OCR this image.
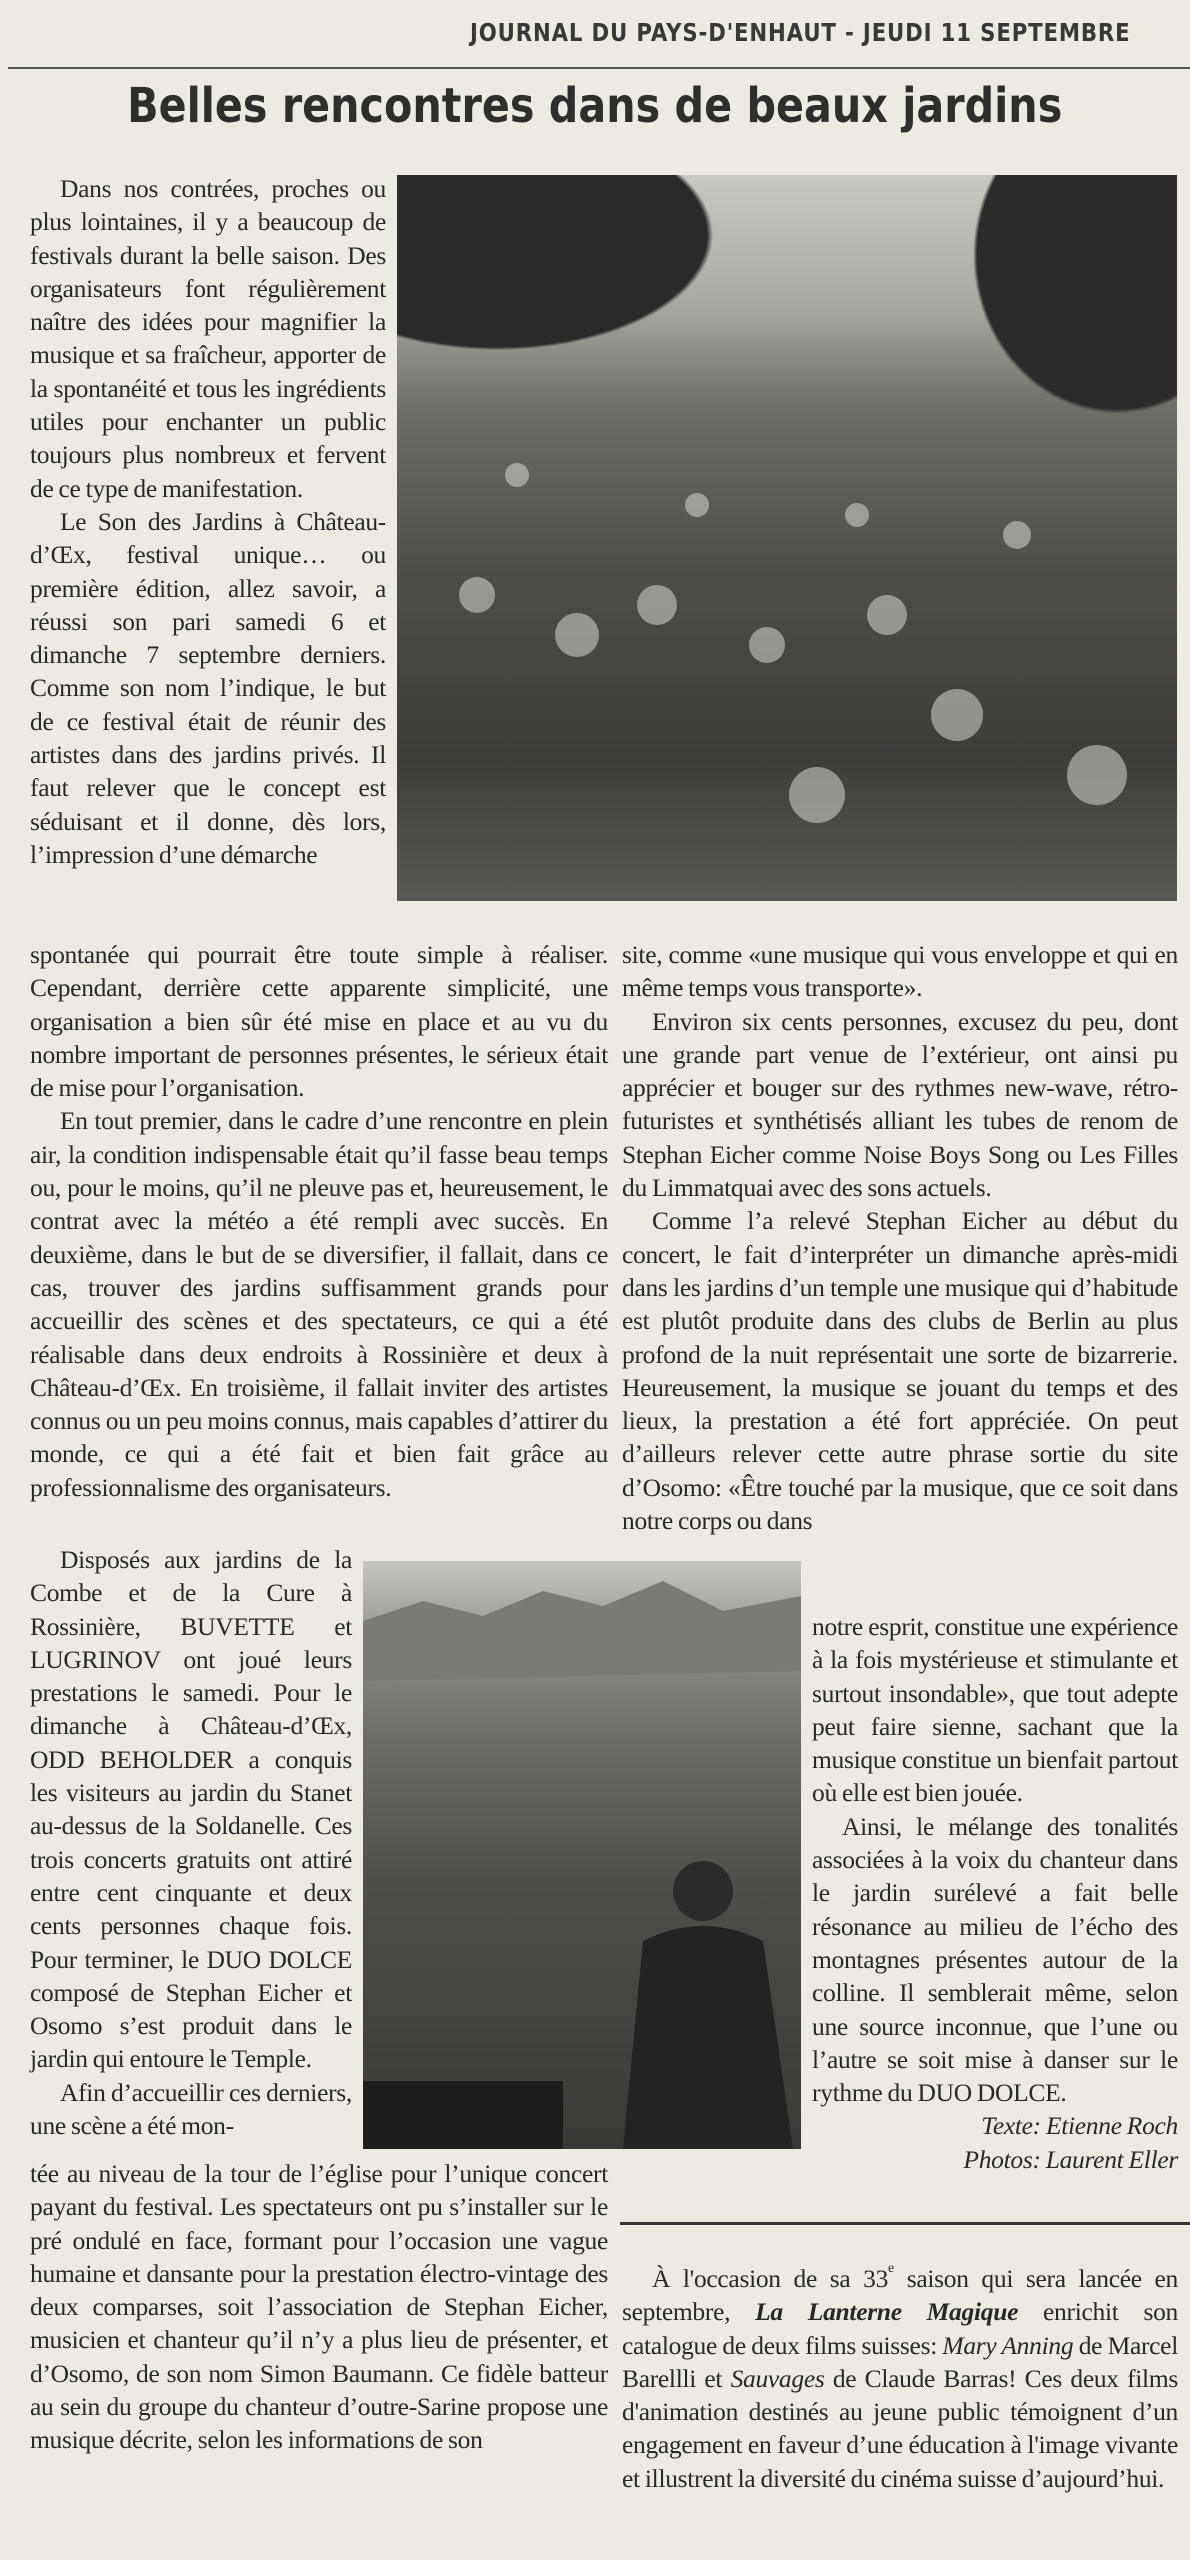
JOURNAL DU PAYS-D'ENHAUT - JEUDI 11 SEPTEMBRE
Belles rencontres dans de beaux jardins

Dans nos contrées, proches ou plus lointaines, il y a beaucoup de festivals durant la belle saison. Des organisateurs font régulièrement naître des idées pour magnifier la musique et sa fraîcheur, apporter de la spontanéité et tous les ingrédients utiles pour enchanter un public toujours plus nombreux et fervent de ce type de manifestation.

Le Son des Jardins à Château-d’Œx, festival unique… ou première édition, allez savoir, a réussi son pari samedi 6 et dimanche 7 septembre derniers. Comme son nom l’indique, le but de ce festival était de réunir des artistes dans des jardins privés. Il faut relever que le concept est séduisant et il donne, dès lors, l’impression d’une démarche

spontanée qui pourrait être toute simple à réaliser. Cependant, derrière cette apparente simplicité, une organisation a bien sûr été mise en place et au vu du nombre important de personnes présentes, le sérieux était de mise pour l’organisation.

En tout premier, dans le cadre d’une rencontre en plein air, la condition indispensable était qu’il fasse beau temps ou, pour le moins, qu’il ne pleuve pas et, heureusement, le contrat avec la météo a été rempli avec succès. En deuxième, dans le but de se diversifier, il fallait, dans ce cas, trouver des jardins suffisamment grands pour accueillir des scènes et des spectateurs, ce qui a été réalisable dans deux endroits à Rossinière et deux à Château-d’Œx. En troisième, il fallait inviter des artistes connus ou un peu moins connus, mais capables d’attirer du monde, ce qui a été fait et bien fait grâce au professionnalisme des organisateurs.

site, comme «une musique qui vous enveloppe et qui en même temps vous transporte».

Environ six cents personnes, excusez du peu, dont une grande part venue de l’extérieur, ont ainsi pu apprécier et bouger sur des rythmes new-wave, rétro-futuristes et synthétisés alliant les tubes de renom de Stephan Eicher comme Noise Boys Song ou Les Filles du Limmatquai avec des sons actuels.

Comme l’a relevé Stephan Eicher au début du concert, le fait d’interpréter un dimanche après-midi dans les jardins d’un temple une musique qui d’habitude est plutôt produite dans des clubs de Berlin au plus profond de la nuit représentait une sorte de bizarrerie. Heureusement, la musique se jouant du temps et des lieux, la prestation a été fort appréciée. On peut d’ailleurs relever cette autre phrase sortie du site d’Osomo: «Être touché par la musique, que ce soit dans notre corps ou dans

Disposés aux jardins de la Combe et de la Cure à Rossinière, BUVETTE et LUGRINOV ont joué leurs prestations le samedi. Pour le dimanche à Château-d’Œx, ODD BEHOLDER a conquis les visiteurs au jardin du Stanet au-dessus de la Soldanelle. Ces trois concerts gratuits ont attiré entre cent cinquante et deux cents personnes chaque fois. Pour terminer, le DUO DOLCE composé de Stephan Eicher et Osomo s’est produit dans le jardin qui entoure le Temple.

Afin d’accueillir ces derniers, une scène a été mon-

notre esprit, constitue une expérience à la fois mystérieuse et stimulante et surtout insondable», que tout adepte peut faire sienne, sachant que la musique constitue un bienfait partout où elle est bien jouée.

Ainsi, le mélange des tonalités associées à la voix du chanteur dans le jardin surélevé a fait belle résonance au milieu de l’écho des montagnes présentes autour de la colline. Il semblerait même, selon une source inconnue, que l’une ou l’autre se soit mise à danser sur le rythme du DUO DOLCE.

Texte: Etienne Roch
Photos: Laurent Eller

tée au niveau de la tour de l’église pour l’unique concert payant du festival. Les spectateurs ont pu s’installer sur le pré ondulé en face, formant pour l’occasion une vague humaine et dansante pour la prestation électro-vintage des deux comparses, soit l’association de Stephan Eicher, musicien et chanteur qu’il n’y a plus lieu de présenter, et d’Osomo, de son nom Simon Baumann. Ce fidèle batteur au sein du groupe du chanteur d’outre-Sarine propose une musique décrite, selon les informations de son

À l'occasion de sa 33e saison qui sera lancée en septembre, La Lanterne Magique enrichit son catalogue de deux films suisses: Mary Anning de Marcel Barellli et Sauvages de Claude Barras! Ces deux films d'animation destinés au jeune public témoignent d’un engagement en faveur d’une éducation à l'image vivante et illustrent la diversité du cinéma suisse d’aujourd’hui.
